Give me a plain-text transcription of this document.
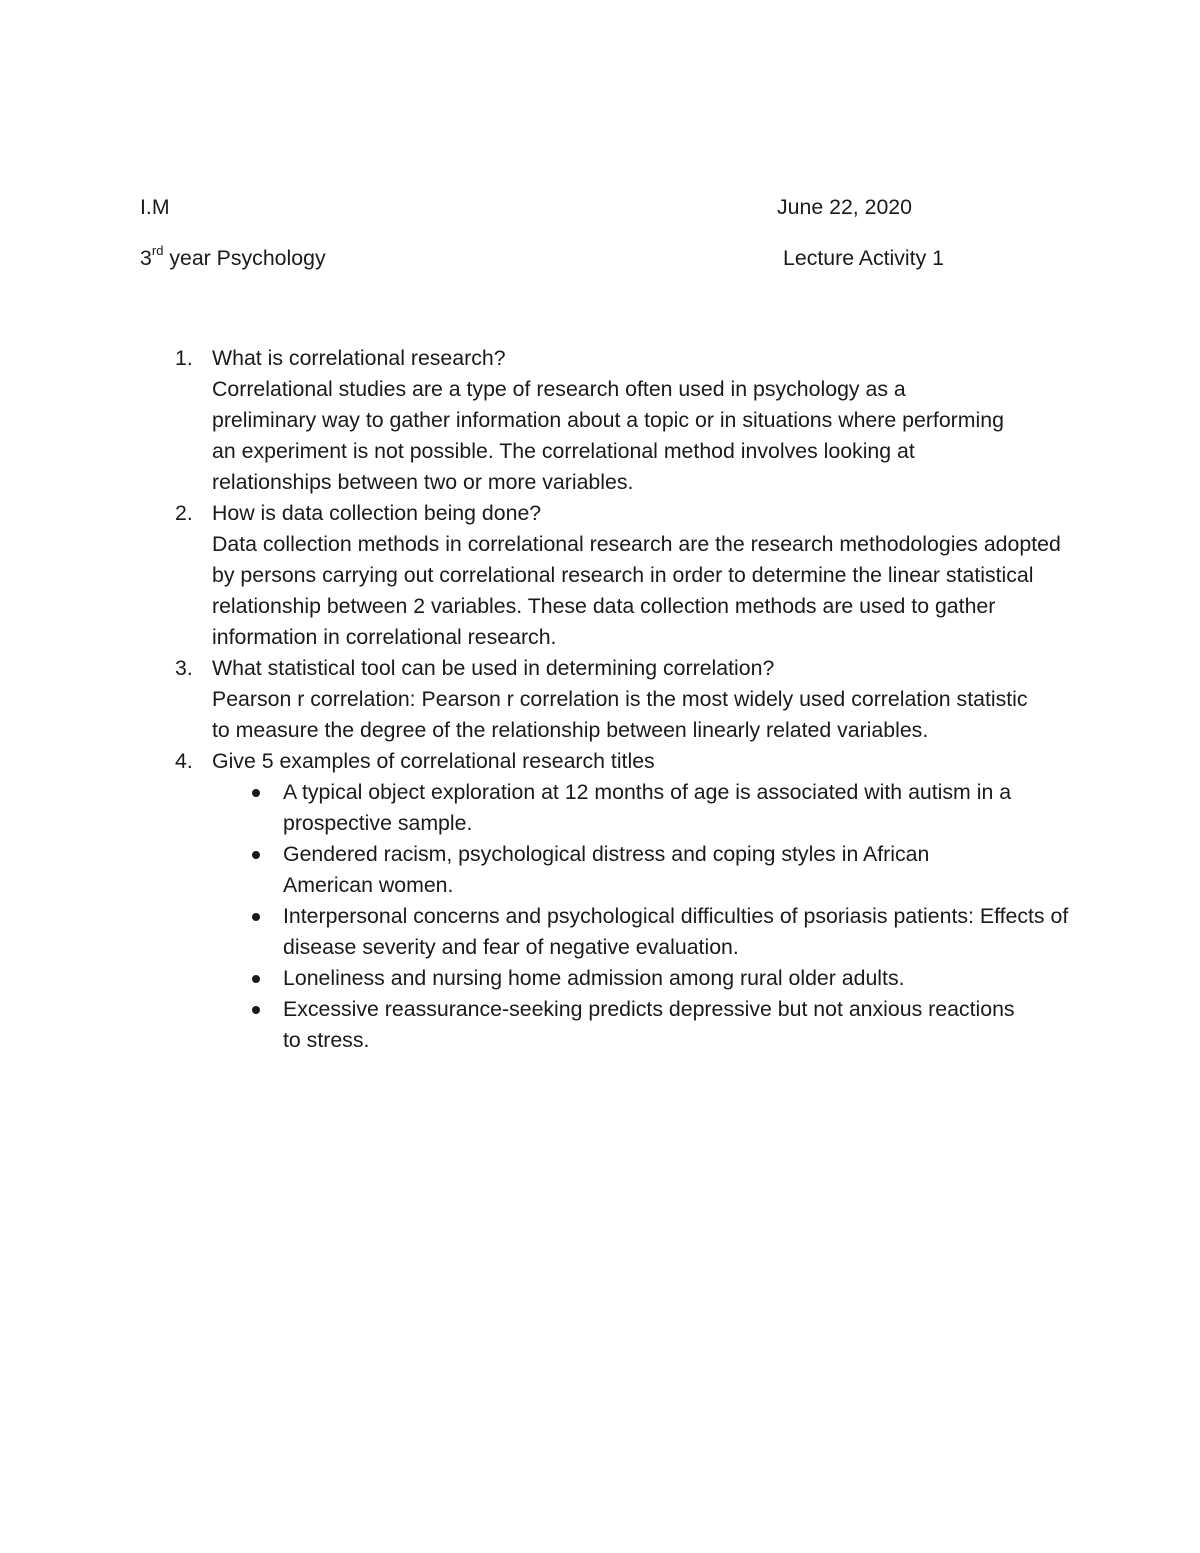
I.M	June 22, 2020
3rd year Psychology	Lecture Activity 1
1. What is correlational research?
Correlational studies are a type of research often used in psychology as a preliminary way to gather information about a topic or in situations where performing an experiment is not possible. The correlational method involves looking at relationships between two or more variables.
2. How is data collection being done?
Data collection methods in correlational research are the research methodologies adopted by persons carrying out correlational research in order to determine the linear statistical relationship between 2 variables. These data collection methods are used to gather information in correlational research.
3. What statistical tool can be used in determining correlation?
Pearson r correlation: Pearson r correlation is the most widely used correlation statistic to measure the degree of the relationship between linearly related variables.
4. Give 5 examples of correlational research titles
A typical object exploration at 12 months of age is associated with autism in a prospective sample.
Gendered racism, psychological distress and coping styles in African American women.
Interpersonal concerns and psychological difficulties of psoriasis patients: Effects of disease severity and fear of negative evaluation.
Loneliness and nursing home admission among rural older adults.
Excessive reassurance-seeking predicts depressive but not anxious reactions to stress.
